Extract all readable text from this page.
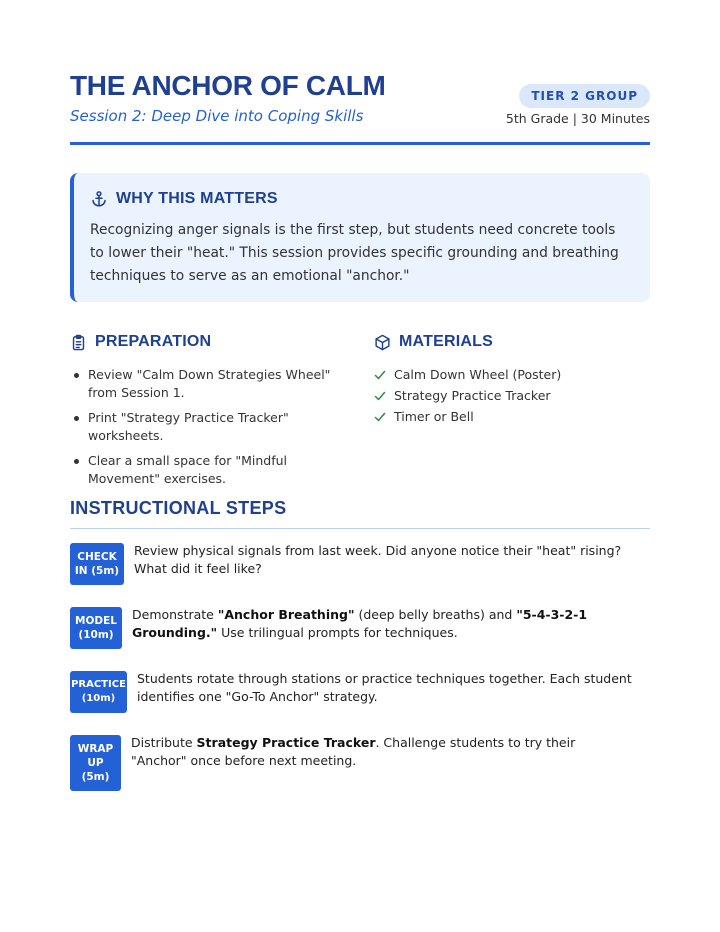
THE ANCHOR OF CALM
Session 2: Deep Dive into Coping Skills
TIER 2 GROUP
5th Grade | 30 Minutes
WHY THIS MATTERS
Recognizing anger signals is the first step, but students need concrete tools to lower their "heat." This session provides specific grounding and breathing techniques to serve as an emotional "anchor."
PREPARATION
Review "Calm Down Strategies Wheel" from Session 1.
Print "Strategy Practice Tracker" worksheets.
Clear a small space for "Mindful Movement" exercises.
MATERIALS
Calm Down Wheel (Poster)
Strategy Practice Tracker
Timer or Bell
INSTRUCTIONAL STEPS
CHECK
IN (5m)
Review physical signals from last week. Did anyone notice their "heat" rising? What did it feel like?
MODEL
(10m)
Demonstrate "Anchor Breathing" (deep belly breaths) and "5-4-3-2-1 Grounding." Use trilingual prompts for techniques.
PRACTICE
(10m)
Students rotate through stations or practice techniques together. Each student identifies one "Go-To Anchor" strategy.
WRAP
UP
(5m)
Distribute Strategy Practice Tracker. Challenge students to try their "Anchor" once before next meeting.
